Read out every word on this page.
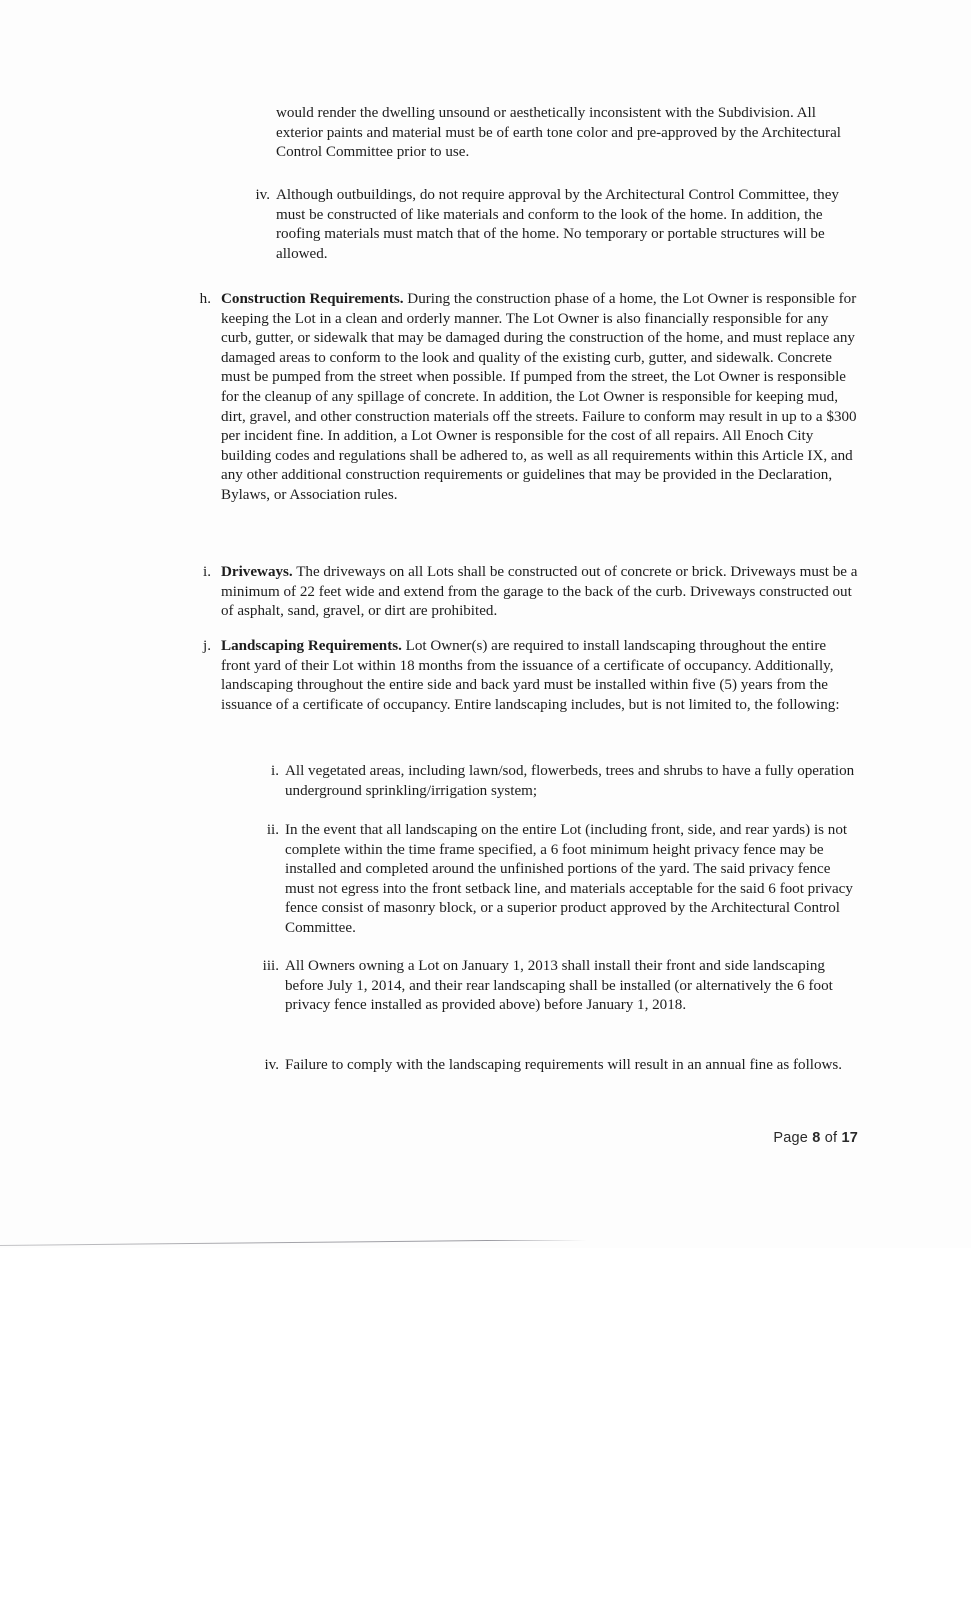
would render the dwelling unsound or aesthetically inconsistent with the Subdivision. All exterior paints and material must be of earth tone color and pre-approved by the Architectural Control Committee prior to use.
iv. Although outbuildings, do not require approval by the Architectural Control Committee, they must be constructed of like materials and conform to the look of the home. In addition, the roofing materials must match that of the home. No temporary or portable structures will be allowed.
h. Construction Requirements. During the construction phase of a home, the Lot Owner is responsible for keeping the Lot in a clean and orderly manner. The Lot Owner is also financially responsible for any curb, gutter, or sidewalk that may be damaged during the construction of the home, and must replace any damaged areas to conform to the look and quality of the existing curb, gutter, and sidewalk. Concrete must be pumped from the street when possible. If pumped from the street, the Lot Owner is responsible for the cleanup of any spillage of concrete. In addition, the Lot Owner is responsible for keeping mud, dirt, gravel, and other construction materials off the streets. Failure to conform may result in up to a $300 per incident fine. In addition, a Lot Owner is responsible for the cost of all repairs. All Enoch City building codes and regulations shall be adhered to, as well as all requirements within this Article IX, and any other additional construction requirements or guidelines that may be provided in the Declaration, Bylaws, or Association rules.
i. Driveways. The driveways on all Lots shall be constructed out of concrete or brick. Driveways must be a minimum of 22 feet wide and extend from the garage to the back of the curb. Driveways constructed out of asphalt, sand, gravel, or dirt are prohibited.
j. Landscaping Requirements. Lot Owner(s) are required to install landscaping throughout the entire front yard of their Lot within 18 months from the issuance of a certificate of occupancy. Additionally, landscaping throughout the entire side and back yard must be installed within five (5) years from the issuance of a certificate of occupancy. Entire landscaping includes, but is not limited to, the following:
i. All vegetated areas, including lawn/sod, flowerbeds, trees and shrubs to have a fully operation underground sprinkling/irrigation system;
ii. In the event that all landscaping on the entire Lot (including front, side, and rear yards) is not complete within the time frame specified, a 6 foot minimum height privacy fence may be installed and completed around the unfinished portions of the yard. The said privacy fence must not egress into the front setback line, and materials acceptable for the said 6 foot privacy fence consist of masonry block, or a superior product approved by the Architectural Control Committee.
iii. All Owners owning a Lot on January 1, 2013 shall install their front and side landscaping before July 1, 2014, and their rear landscaping shall be installed (or alternatively the 6 foot privacy fence installed as provided above) before January 1, 2018.
iv. Failure to comply with the landscaping requirements will result in an annual fine as follows.
Page 8 of 17
